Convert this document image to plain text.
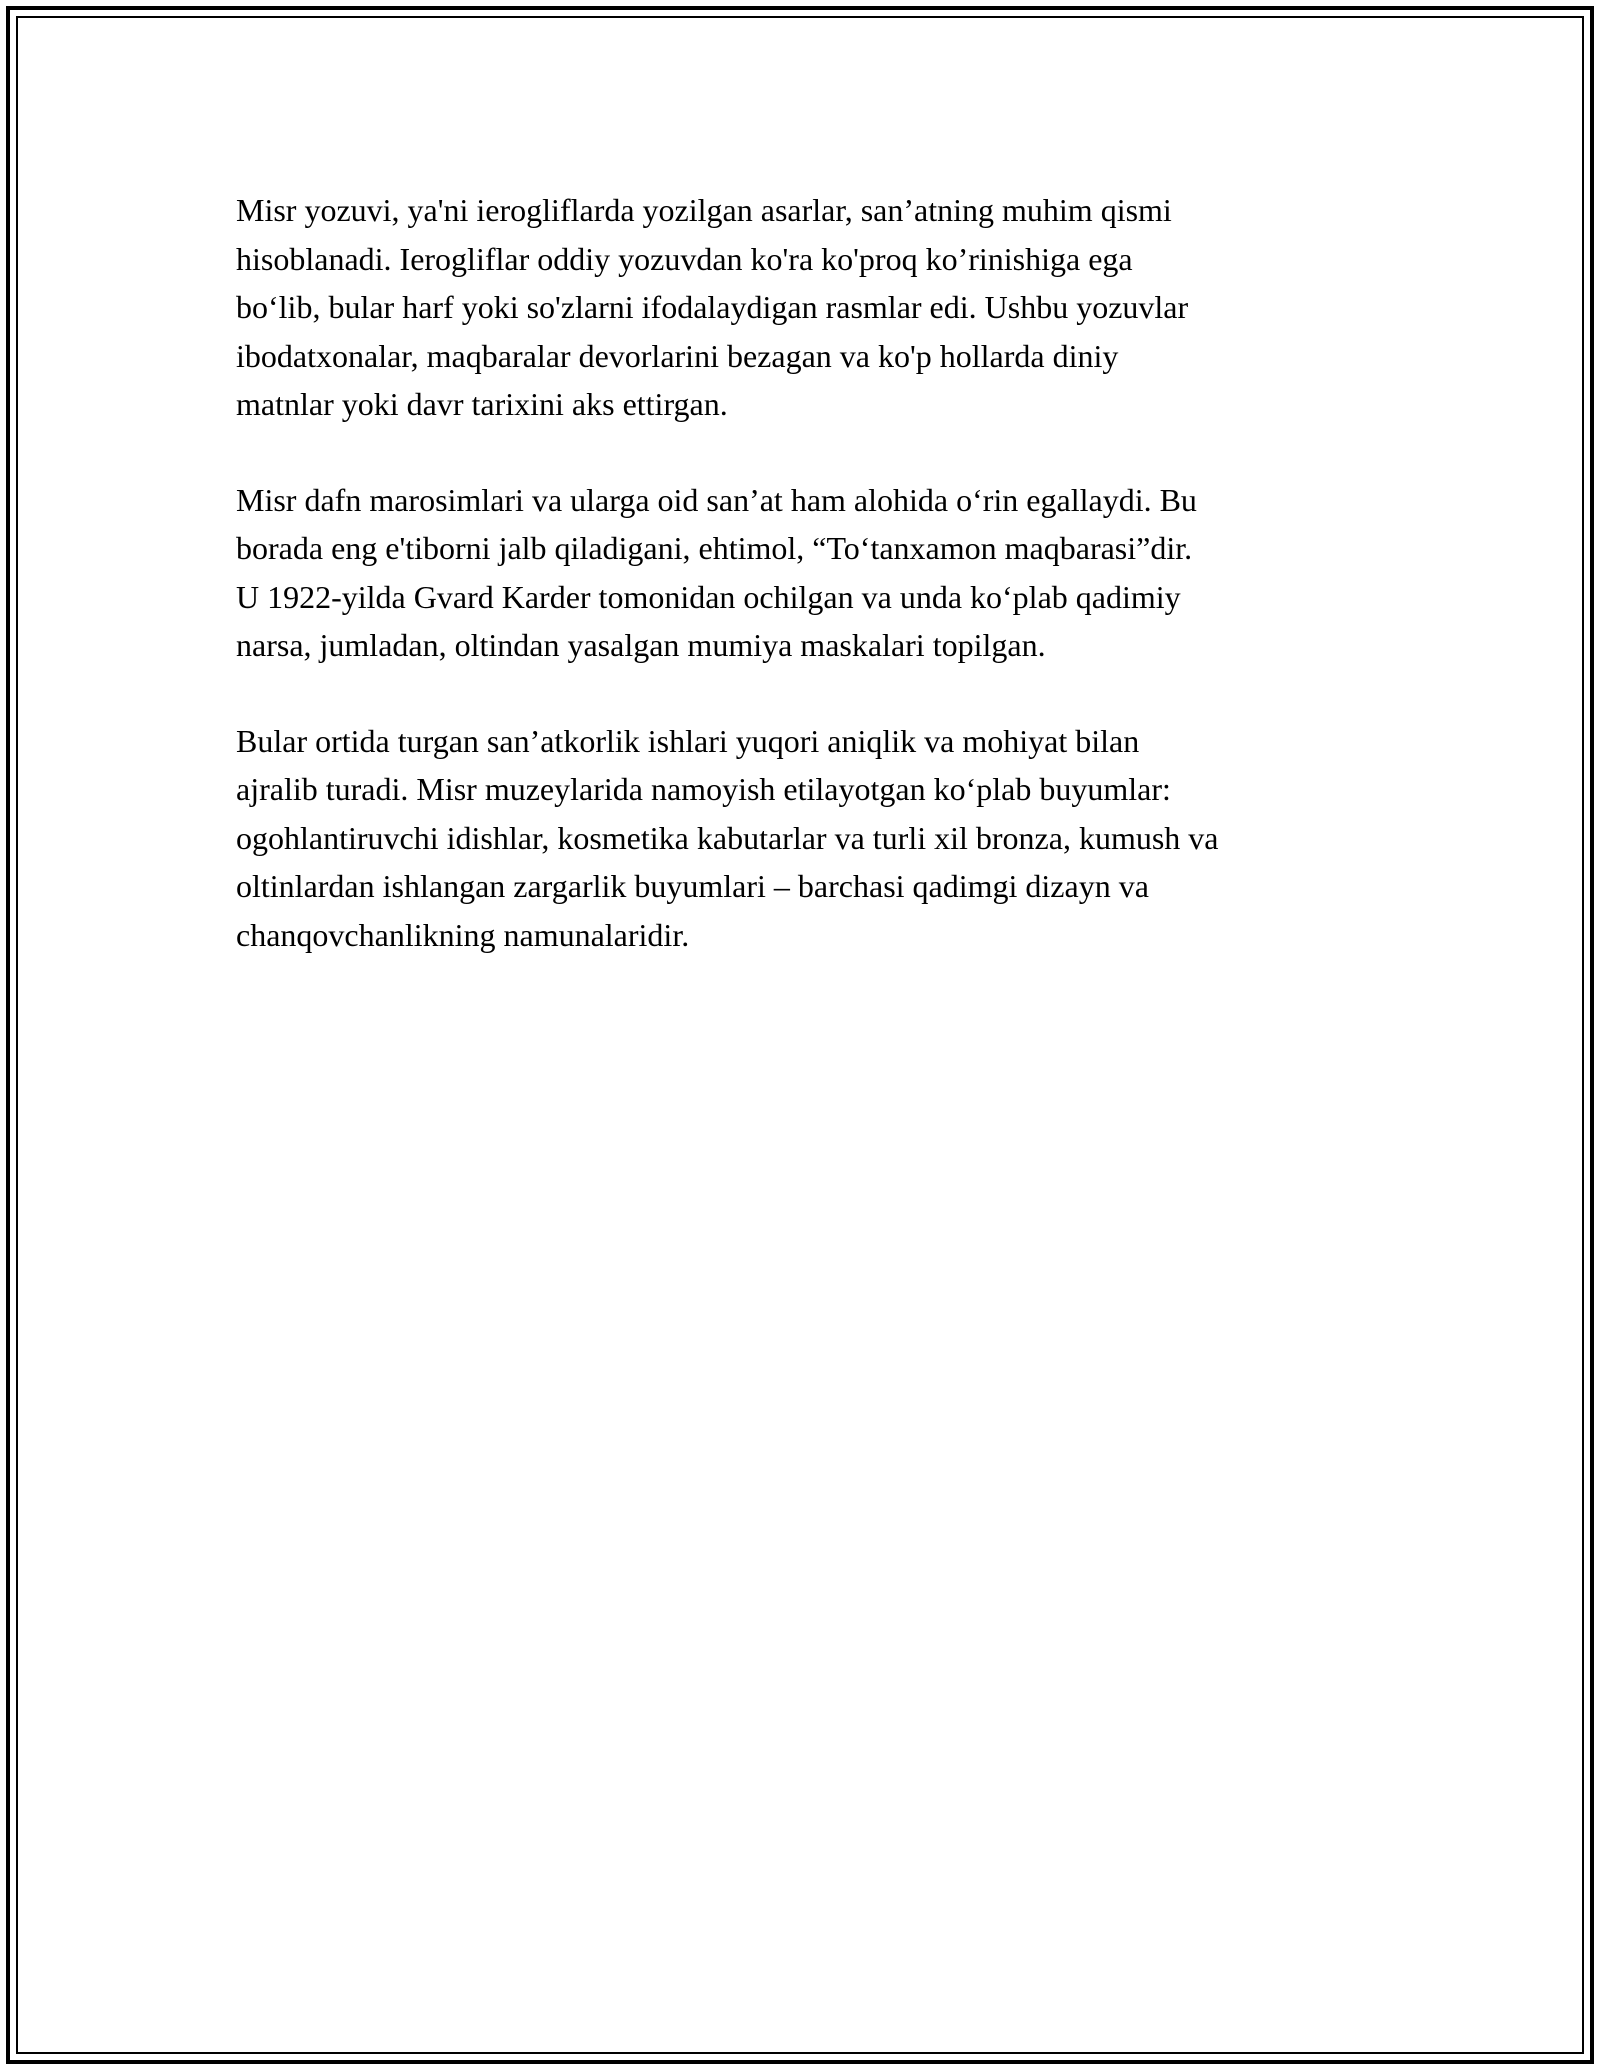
Misr yozuvi, ya'ni ierogliflarda yozilgan asarlar, san’atning muhim qismi
hisoblanadi. Ierogliflar oddiy yozuvdan ko'ra ko'proq ko’rinishiga ega
bo‘lib, bular harf yoki so'zlarni ifodalaydigan rasmlar edi. Ushbu yozuvlar
ibodatxonalar, maqbaralar devorlarini bezagan va ko'p hollarda diniy
matnlar yoki davr tarixini aks ettirgan.

Misr dafn marosimlari va ularga oid san’at ham alohida o‘rin egallaydi. Bu
borada eng e'tiborni jalb qiladigani, ehtimol, “To‘tanxamon maqbarasi”dir.
U 1922-yilda Gvard Karder tomonidan ochilgan va unda ko‘plab qadimiy
narsa, jumladan, oltindan yasalgan mumiya maskalari topilgan.

Bular ortida turgan san’atkorlik ishlari yuqori aniqlik va mohiyat bilan
ajralib turadi. Misr muzeylarida namoyish etilayotgan ko‘plab buyumlar:
ogohlantiruvchi idishlar, kosmetika kabutarlar va turli xil bronza, kumush va
oltinlardan ishlangan zargarlik buyumlari – barchasi qadimgi dizayn va
chanqovchanlikning namunalaridir.
